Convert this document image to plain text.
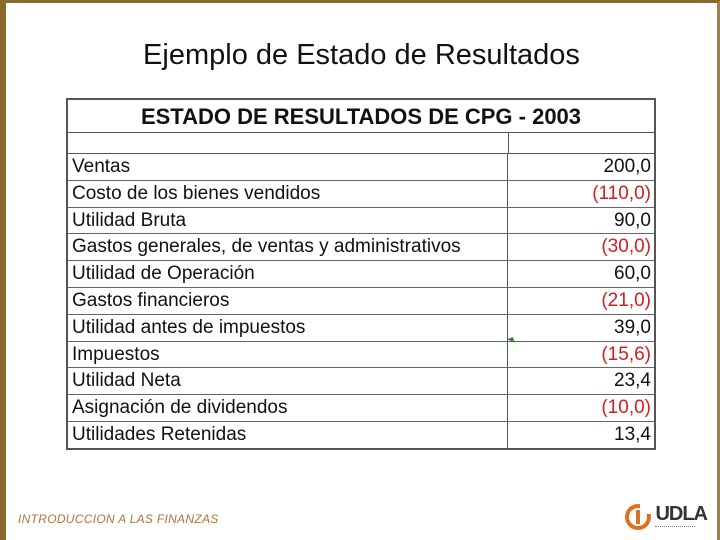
Ejemplo de Estado de Resultados
ESTADO DE RESULTADOS DE CPG - 2003
Ventas	200,0
Costo de los bienes vendidos	(110,0)
Utilidad Bruta	90,0
Gastos generales, de ventas y administrativos	(30,0)
Utilidad de Operación	60,0
Gastos financieros	(21,0)
Utilidad antes de impuestos	39,0
Impuestos	(15,6)
Utilidad Neta	23,4
Asignación de dividendos	(10,0)
Utilidades Retenidas	13,4
INTRODUCCION A LAS FINANZAS	UDLA
